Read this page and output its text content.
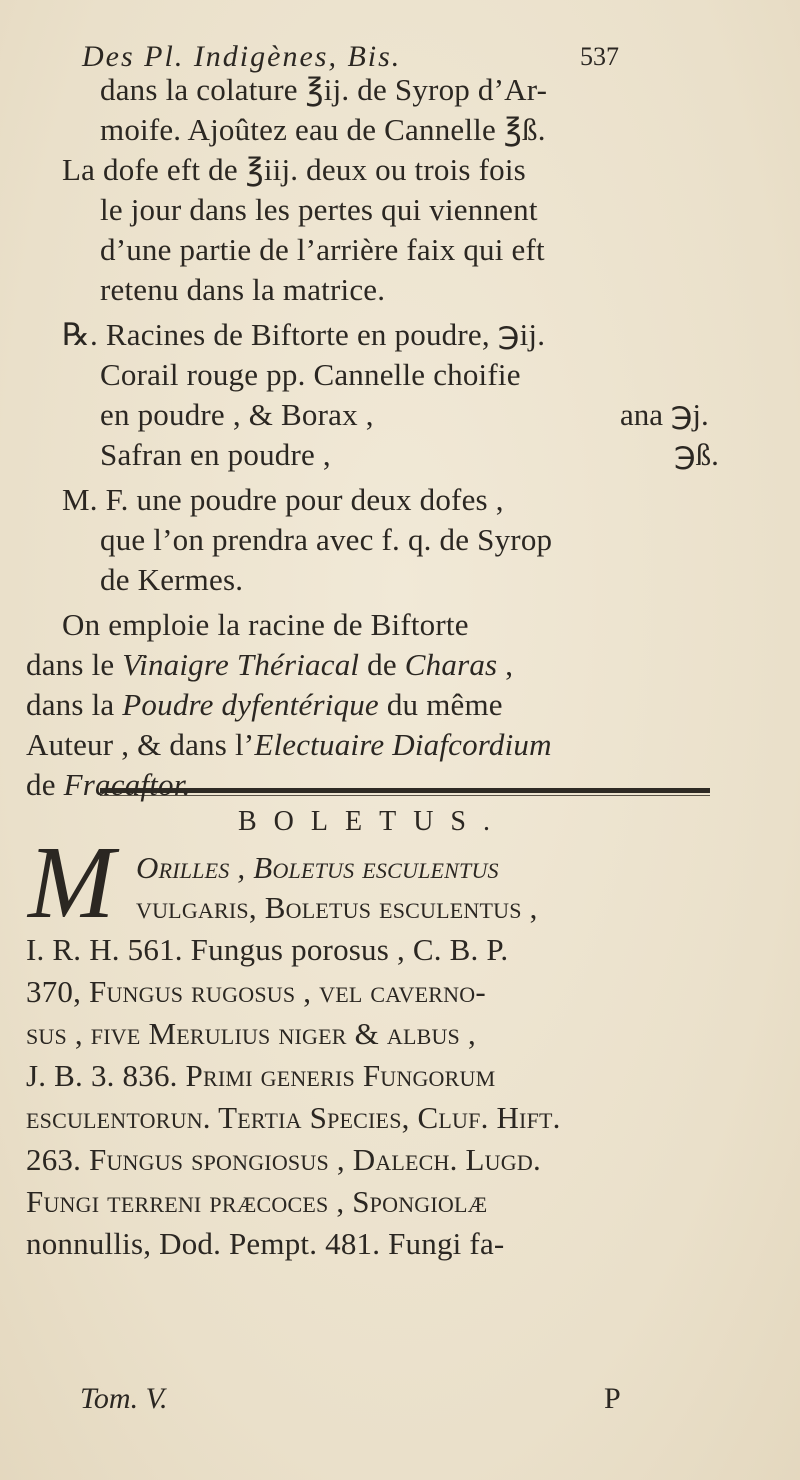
Des Pl. Indigènes, Bis.	537
dans la colature ℥ij. de Syrop d’Ar-
moife. Ajoûtez eau de Cannelle ℥ß.
La dofe eft de ℥iij. deux ou trois fois
le jour dans les pertes qui viennent
d’une partie de l’arrière faix qui eft
retenu dans la matrice.
℞. Racines de Biftorte en poudre, ℈ij.
Corail rouge pp. Cannelle choifie
en poudre , & Borax ,	ana ℈j.
Safran en poudre ,	℈ß.
M. F. une poudre pour deux dofes ,
que l’on prendra avec f. q. de Syrop
de Kermes.
On emploie la racine de Biftorte
dans le Vinaigre Thériacal de Charas ,
dans la Poudre dyfentérique du même
Auteur , & dans l’Electuaire Diafcordium
BOLETUS.
M Orilles , Boletus esculentus
vulgaris, Boletus esculentus ,
I. R. H. 561. Fungus porosus , C. B. P.
370, Fungus rugosus , vel caverno-
sus , five Merulius niger & albus ,
J. B. 3. 836. Primi generis Fungorum
esculentorun. Tertia Species, Cluf. Hift.
263. Fungus spongiosus , Dalech. Lugd.
Fungi terreni præcoces , Spongiolæ
nonnullis, Dod. Pempt. 481. Fungi fa-
Tom. V.	P
de Fracaftor.
